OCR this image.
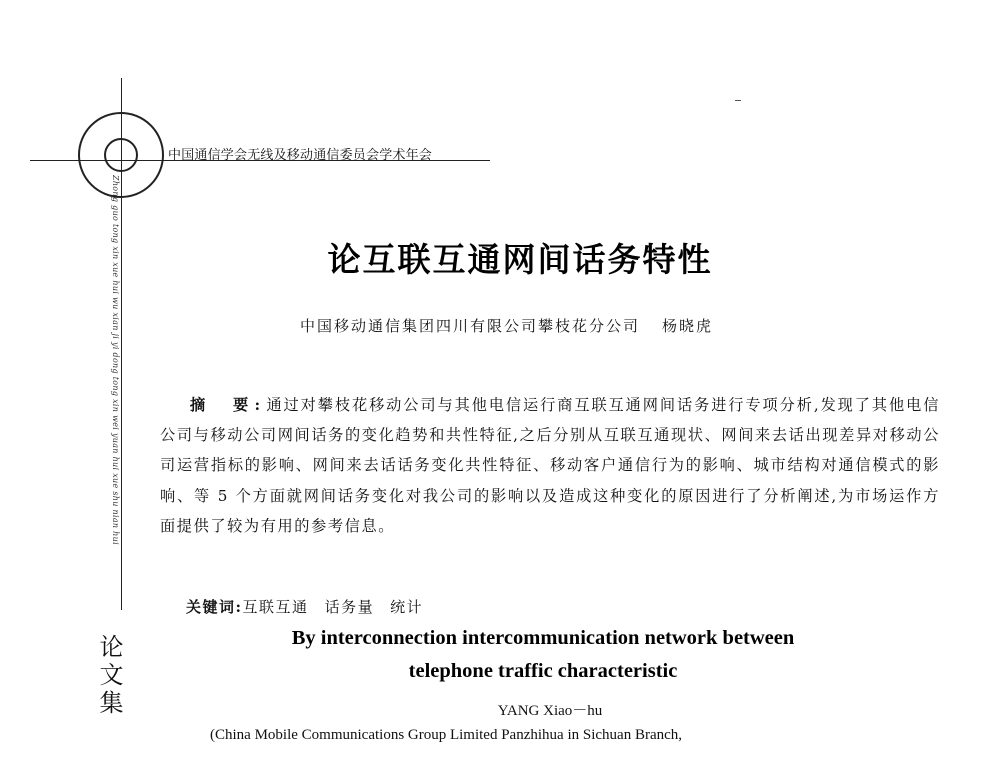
中国通信学会无线及移动通信委员会学术年会
Zhong guo tong xin xue hui wu xian ji yi dong tong xin wei yuan hui xue shu nian hui
论文集
论互联互通网间话务特性
中国移动通信集团四川有限公司攀枝花分公司 杨晓虎
摘　要:通过对攀枝花移动公司与其他电信运行商互联互通网间话务进行专项分析,发现了其他电信公司与移动公司网间话务的变化趋势和共性特征,之后分别从互联互通现状、网间来去话出现差异对移动公司运营指标的影响、网间来去话话务变化共性特征、移动客户通信行为的影响、城市结构对通信模式的影响、等 5 个方面就网间话务变化对我公司的影响以及造成这种变化的原因进行了分析阐述,为市场运作方面提供了较为有用的参考信息。
关键词:互联互通 话务量 统计
By interconnection intercommunication network between
telephone traffic characteristic
YANG Xiao－hu
(China Mobile Communications Group Limited Panzhihua in Sichuan Branch,
